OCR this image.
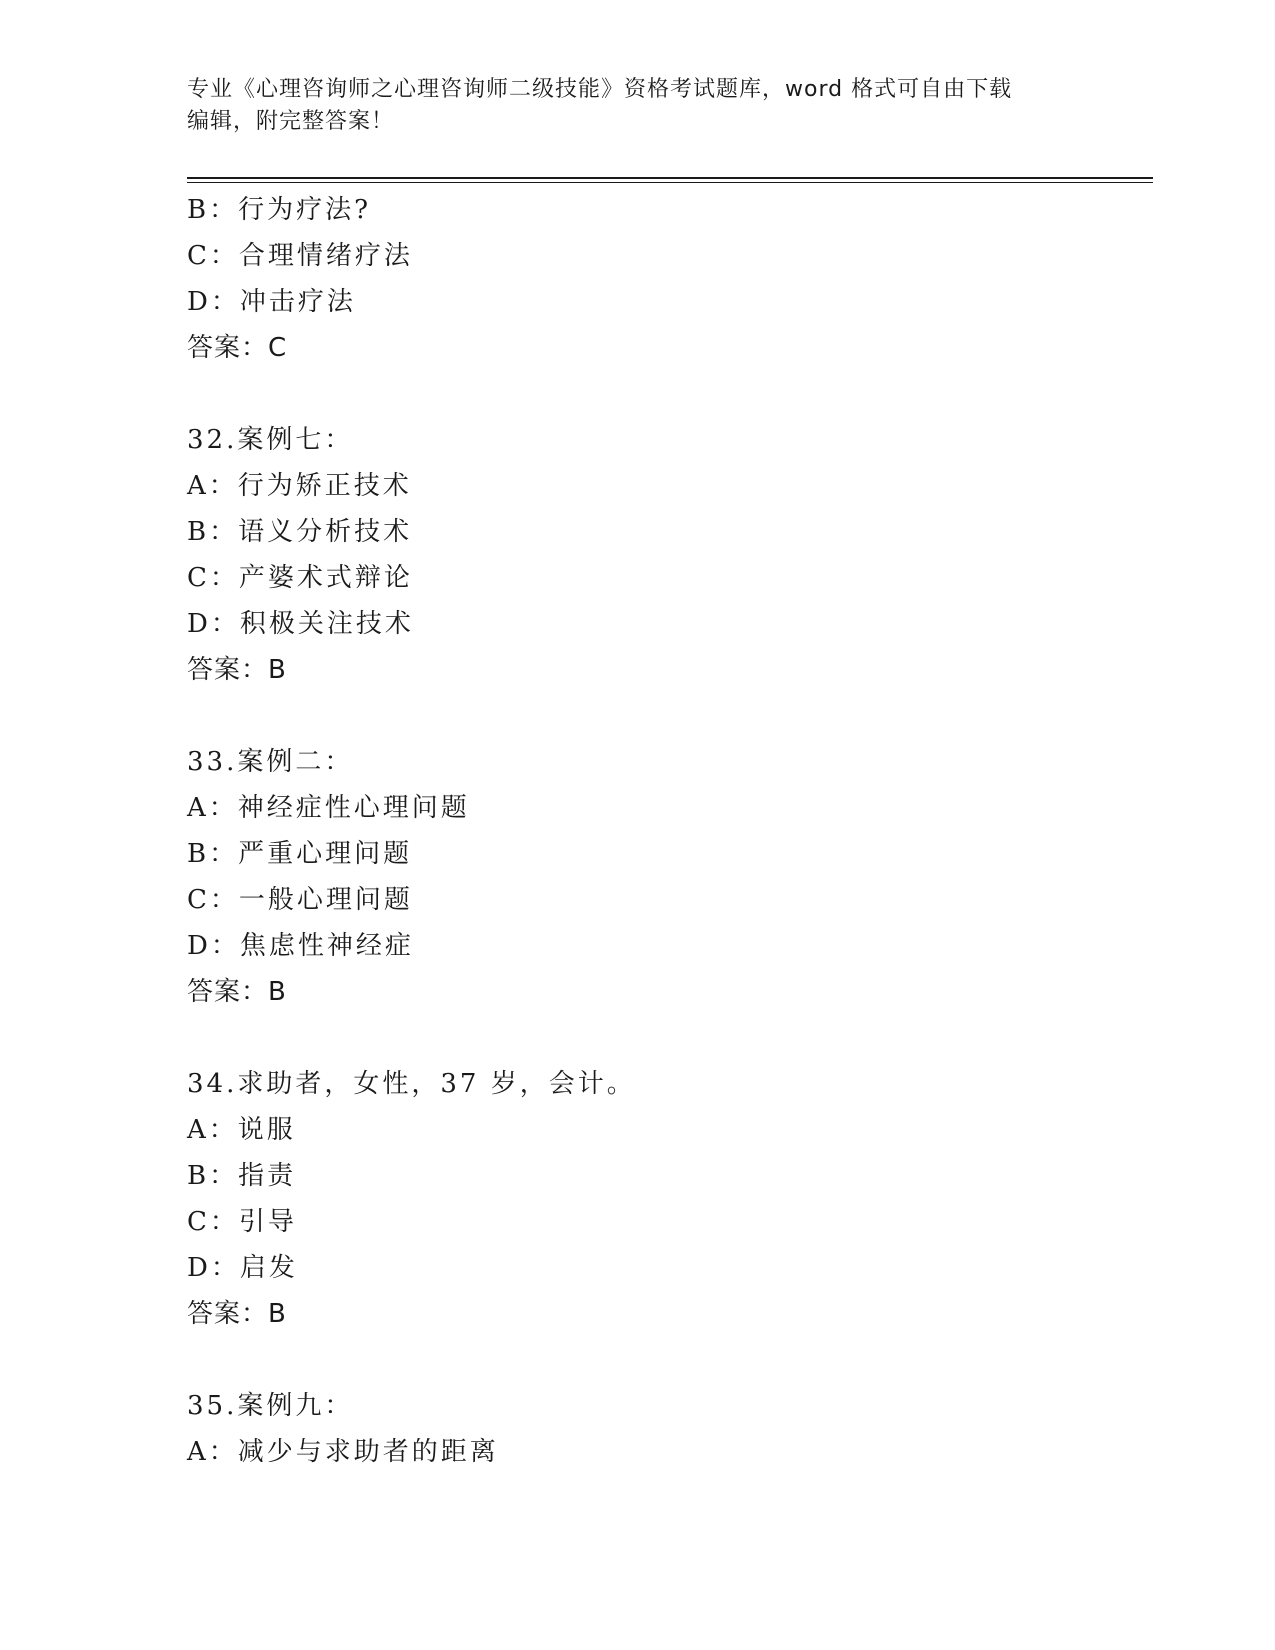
专业《心理咨询师之心理咨询师二级技能》资格考试题库，word 格式可自由下载
编辑，附完整答案！
B：行为疗法?
C：合理情绪疗法
D：冲击疗法
答案：C
32.案例七：
A：行为矫正技术
B：语义分析技术
C：产婆术式辩论
D：积极关注技术
答案：B
33.案例二：
A：神经症性心理问题
B：严重心理问题
C：一般心理问题
D：焦虑性神经症
答案：B
34.求助者，女性，37 岁，会计。
A：说服
B：指责
C：引导
D：启发
答案：B
35.案例九：
A：减少与求助者的距离
